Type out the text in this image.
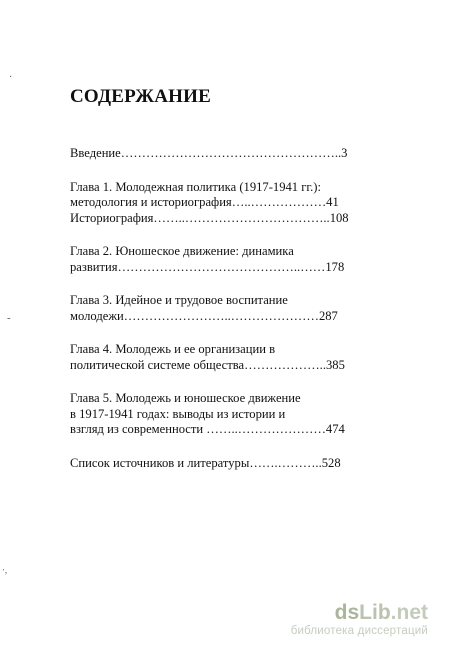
·
-
‧,
СОДЕРЖАНИЕ

Введение……………………………………………..3

Глава 1. Молодежная политика (1917-1941 гг.):
методология и историография…..………………41
Историография……..……………………………..108

Глава 2. Юношеское движение: динамика
развития……………………………………..……178

Глава 3. Идейное и трудовое воспитание
молодежи……………………..…………………287

Глава 4. Молодежь и ее организации в
политической системе общества………………..385

Глава 5. Молодежь и юношеское движение
в 1917-1941 годах: выводы из истории и
взгляд из современности ……..…………………474

Список источников и литературы…….………..528

dsLib.net
библиотека диссертаций
